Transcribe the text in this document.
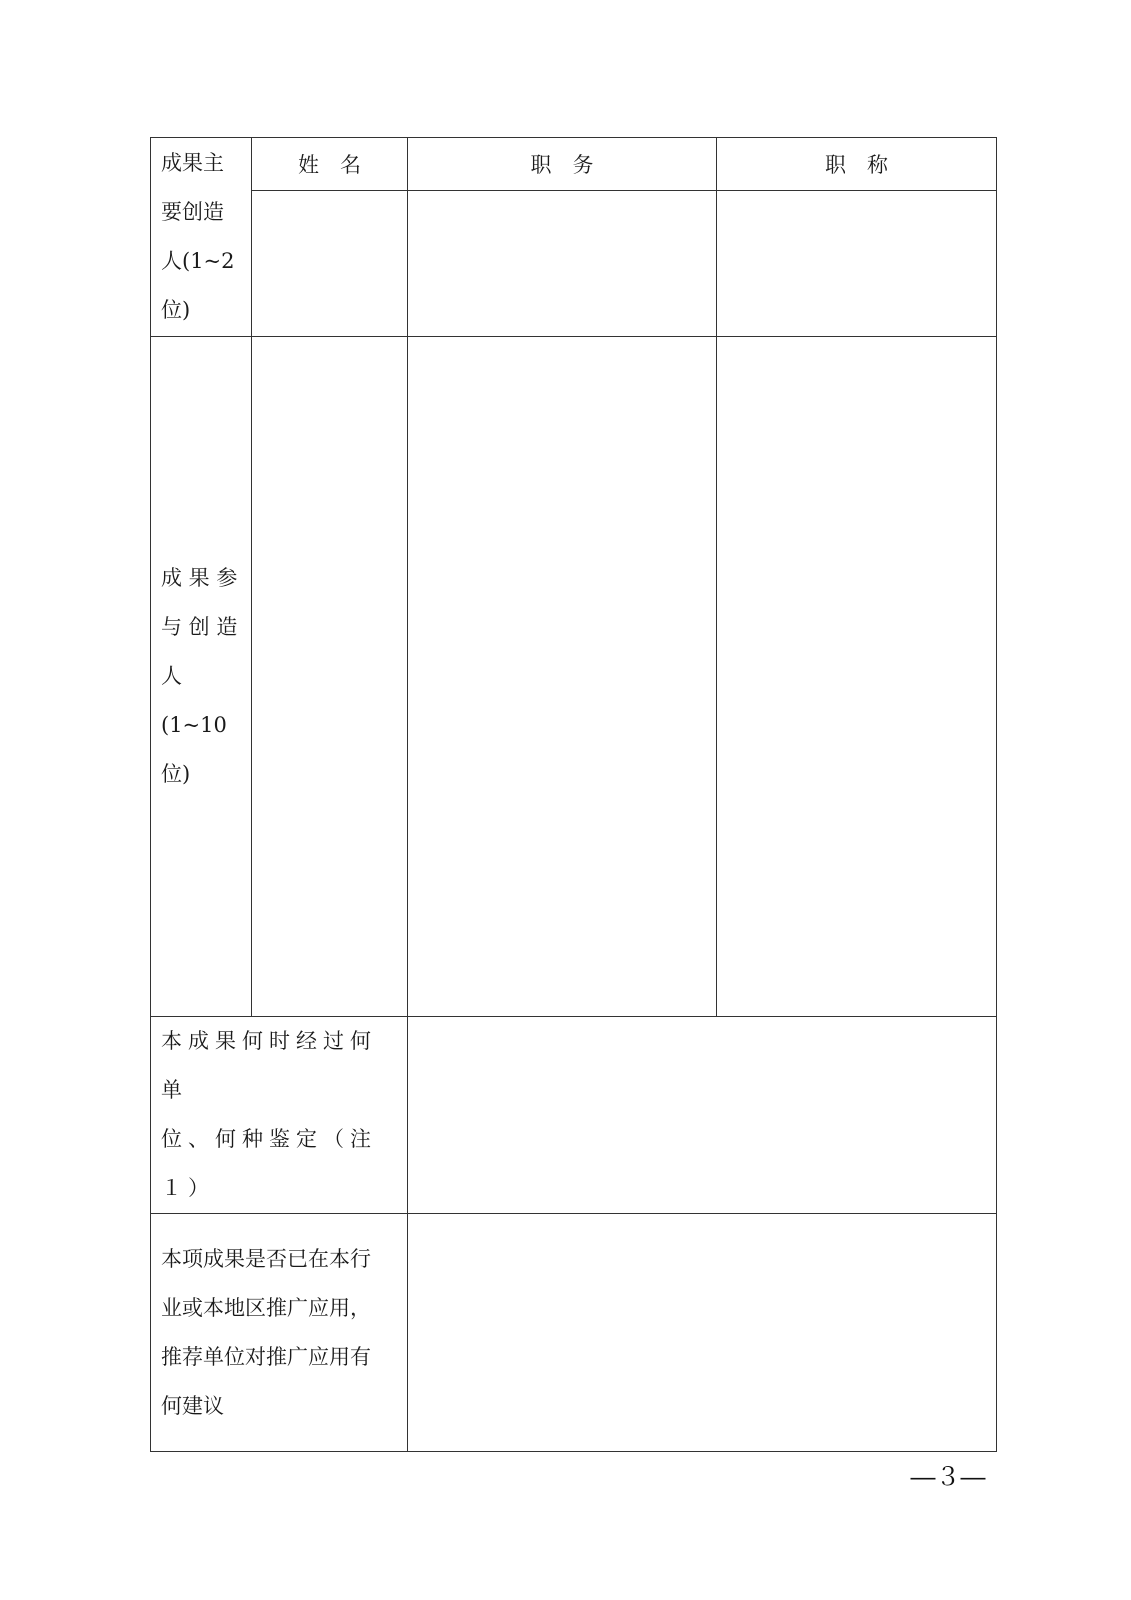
成果主
要创造
人(1~2
位)	姓　名	职　务	职　称

成 果 参
与 创 造
人(1~10
位)			

本成果何时经过何单
位、何种鉴定（注１）			

本项成果是否已在本行
业或本地区推广应用，
推荐单位对推广应用有
何建议			

—３—
